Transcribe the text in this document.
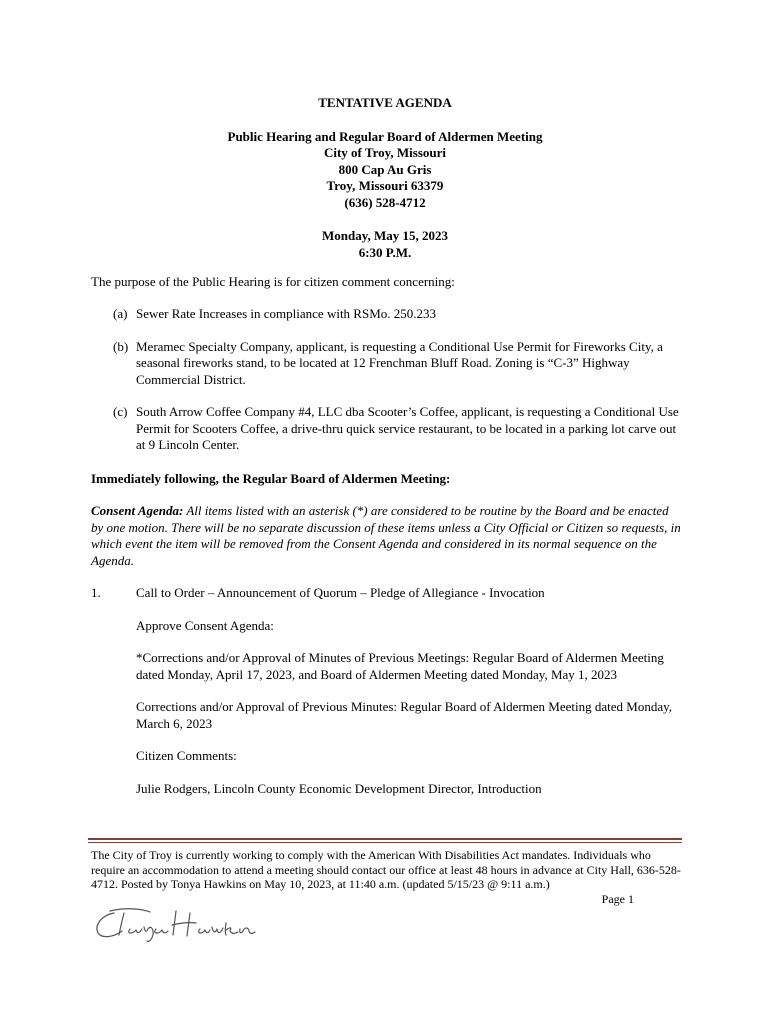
TENTATIVE AGENDA
Public Hearing and Regular Board of Aldermen Meeting
City of Troy, Missouri
800 Cap Au Gris
Troy, Missouri 63379
(636) 528-4712
Monday, May 15, 2023
6:30 P.M.
The purpose of the Public Hearing is for citizen comment concerning:
(a) Sewer Rate Increases in compliance with RSMo. 250.233
(b) Meramec Specialty Company, applicant, is requesting a Conditional Use Permit for Fireworks City, a seasonal fireworks stand, to be located at 12 Frenchman Bluff Road. Zoning is “C-3” Highway Commercial District.
(c) South Arrow Coffee Company #4, LLC dba Scooter’s Coffee, applicant, is requesting a Conditional Use Permit for Scooters Coffee, a drive-thru quick service restaurant, to be located in a parking lot carve out at 9 Lincoln Center.
Immediately following, the Regular Board of Aldermen Meeting:
Consent Agenda: All items listed with an asterisk (*) are considered to be routine by the Board and be enacted by one motion. There will be no separate discussion of these items unless a City Official or Citizen so requests, in which event the item will be removed from the Consent Agenda and considered in its normal sequence on the Agenda.
1.	Call to Order – Announcement of Quorum – Pledge of Allegiance - Invocation
Approve Consent Agenda:
*Corrections and/or Approval of Minutes of Previous Meetings: Regular Board of Aldermen Meeting dated Monday, April 17, 2023, and Board of Aldermen Meeting dated Monday, May 1, 2023
Corrections and/or Approval of Previous Minutes: Regular Board of Aldermen Meeting dated Monday, March 6, 2023
Citizen Comments:
Julie Rodgers, Lincoln County Economic Development Director, Introduction
The City of Troy is currently working to comply with the American With Disabilities Act mandates. Individuals who require an accommodation to attend a meeting should contact our office at least 48 hours in advance at City Hall, 636-528-4712. Posted by Tonya Hawkins on May 10, 2023, at 11:40 a.m. (updated 5/15/23 @ 9:11 a.m.)
Page 1
